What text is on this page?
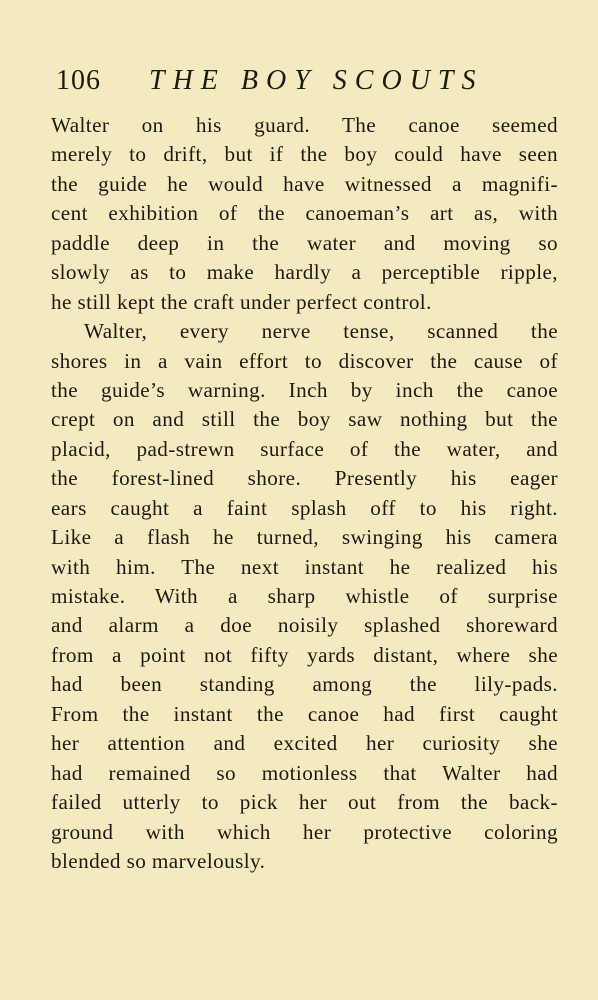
106 THE BOY SCOUTS
Walter on his guard. The canoe seemed
merely to drift, but if the boy could have seen
the guide he would have witnessed a magnifi-
cent exhibition of the canoeman’s art as, with
paddle deep in the water and moving so
slowly as to make hardly a perceptible ripple,
he still kept the craft under perfect control.
Walter, every nerve tense, scanned the
shores in a vain effort to discover the cause of
the guide’s warning. Inch by inch the canoe
crept on and still the boy saw nothing but the
placid, pad-strewn surface of the water, and
the forest-lined shore. Presently his eager
ears caught a faint splash off to his right.
Like a flash he turned, swinging his camera
with him. The next instant he realized his
mistake. With a sharp whistle of surprise
and alarm a doe noisily splashed shoreward
from a point not fifty yards distant, where she
had been standing among the lily-pads.
From the instant the canoe had first caught
her attention and excited her curiosity she
had remained so motionless that Walter had
failed utterly to pick her out from the back-
ground with which her protective coloring
blended so marvelously.
